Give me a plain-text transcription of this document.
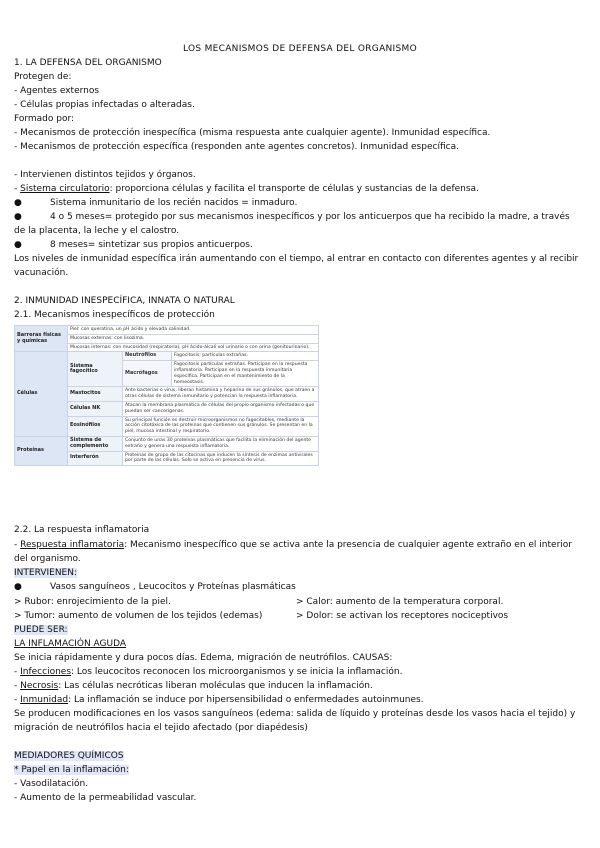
LOS MECANISMOS DE DEFENSA DEL ORGANISMO
1. LA DEFENSA DEL ORGANISMO
Protegen de:
- Agentes externos
- Células propias infectadas o alteradas.
Formado por:
- Mecanismos de protección inespecífica (misma respuesta ante cualquier agente). Inmunidad específica.
- Mecanismos de protección específica (responden ante agentes concretos). Inmunidad específica.
- Intervienen distintos tejidos y órganos.
- Sistema circulatorio: proporciona células y facilita el transporte de células y sustancias de la defensa.
●	Sistema inmunitario de los recién nacidos = inmaduro.
●	4 o 5 meses= protegido por sus mecanismos inespecíficos y por los anticuerpos que ha recibido la madre, a través
de la placenta, la leche y el calostro.
●	8 meses= sintetizar sus propios anticuerpos.
Los niveles de inmunidad específica irán aumentando con el tiempo, al entrar en contacto con diferentes agentes y al recibir
vacunación.
2. INMUNIDAD INESPECÍFICA, INNATA O NATURAL
2.1. Mecanismos inespecíficos de protección
Barreras físicas y químicas	Piel: con queratina, un pH ácido y elevada salinidad.		
	Mucosas externas: con lisozima.		
	Mucosas internas: con mucosidad (respiratoria), pH ácido-álcali vol urinario o con orina (genitourinario).		
Células	Sistema fagocítico	Neutrófilos	Fagocitosis: partículas extrañas.
		Macrófagos	Fagocitosis partículas extrañas. Participan en la respuesta inflamatoria. Participan en la respuesta inmunitaria específica. Participan en el mantenimiento de la homeostasis.
	Mastocitos	Ante bacterias o virus, liberan histamina y heparina de sus gránulos, que atraen a otras células de sistema inmunitario y potencian la respuesta inflamatoria.	
	Células NK	Atacan la membrana plasmática de células del propio organismo infectadas o que puedan ser cancerígenas.	
	Eosinófilos	Su principal función es destruir microorganismos no fagocitables, mediante la acción citotóxica de las proteínas que contienen sus gránulos. Se presentan en la piel, mucosa intestinal y respiratorio.	
Proteínas	Sistema de complemento	Conjunto de unas 30 proteínas plasmáticas que facilita la eliminación del agente extraño y genera una respuesta inflamatoria.	
	Interferón	Proteínas de grupo de las citocinas que inducen la síntesis de enzimas antivirales por parte de las células. Solo se activa en presencia de virus.	
2.2. La respuesta inflamatoria
- Respuesta inflamatoria: Mecanismo inespecífico que se activa ante la presencia de cualquier agente extraño en el interior
del organismo.
INTERVIENEN:
●	Vasos sanguíneos , Leucocitos y Proteínas plasmáticas
> Rubor: enrojecimiento de la piel.	> Calor: aumento de la temperatura corporal.
> Tumor: aumento de volumen de los tejidos (edemas)	> Dolor: se activan los receptores nociceptivos
PUEDE SER:
LA INFLAMACIÓN AGUDA
Se inicia rápidamente y dura pocos días. Edema, migración de neutrófilos. CAUSAS:
- Infecciones: Los leucocitos reconocen los microorganismos y se inicia la inflamación.
- Necrosis: Las células necróticas liberan moléculas que inducen la inflamación.
- Inmunidad: La inflamación se induce por hipersensibilidad o enfermedades autoinmunes.
Se producen modificaciones en los vasos sanguíneos (edema: salida de líquido y proteínas desde los vasos hacia el tejido) y
migración de neutrófilos hacia el tejido afectado (por diapédesis)
MEDIADORES QUÍMICOS
* Papel en la inflamación:
- Vasodilatación.
- Aumento de la permeabilidad vascular.
